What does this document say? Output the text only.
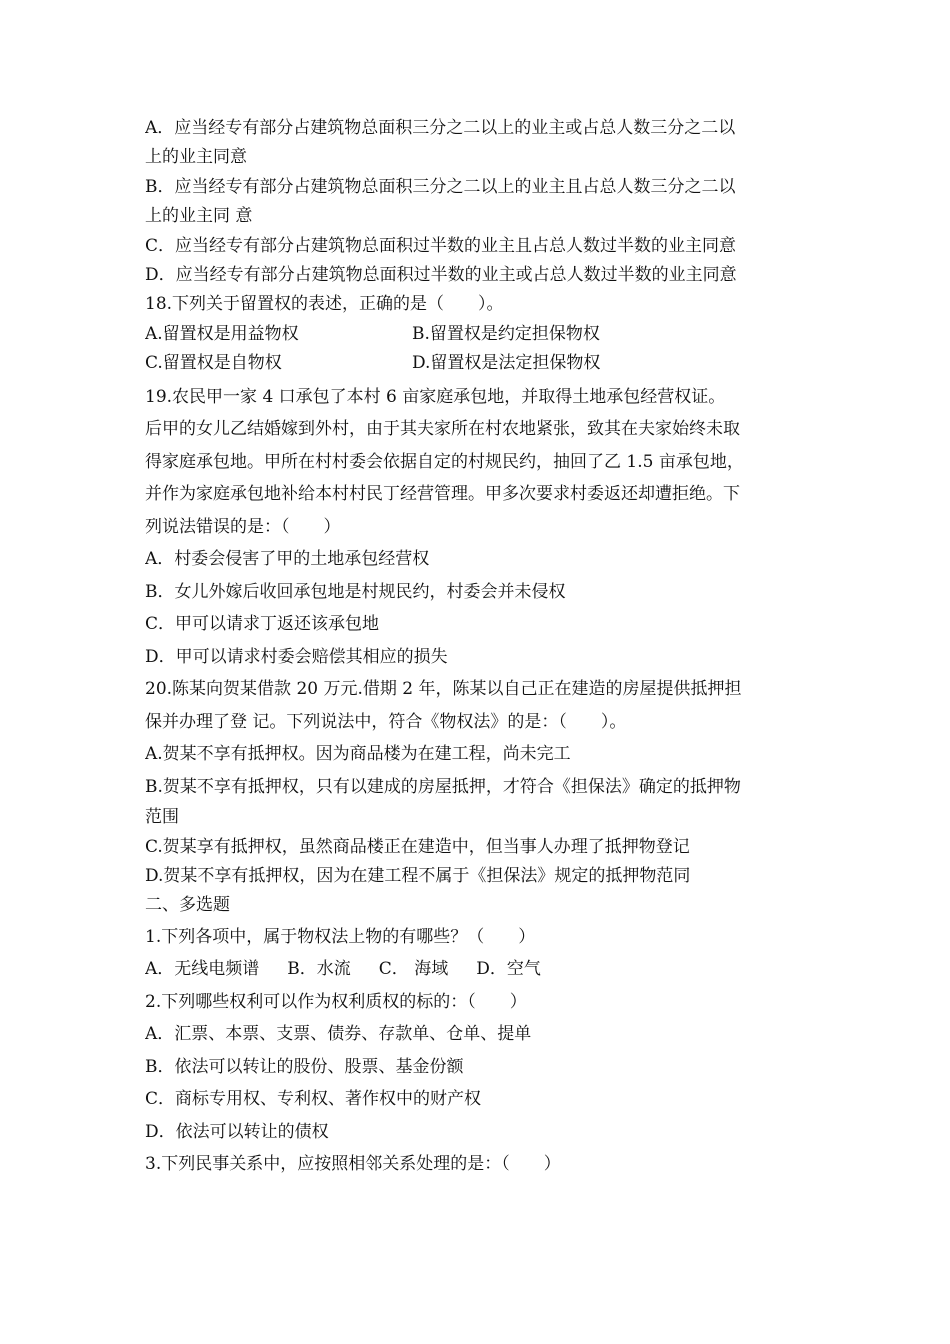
A．应当经专有部分占建筑物总面积三分之二以上的业主或占总人数三分之二以
上的业主同意
B．应当经专有部分占建筑物总面积三分之二以上的业主且占总人数三分之二以
上的业主同 意
C．应当经专有部分占建筑物总面积过半数的业主且占总人数过半数的业主同意
D．应当经专有部分占建筑物总面积过半数的业主或占总人数过半数的业主同意
18.下列关于留置权的表述，正确的是（　　）。
A.留置权是用益物权	B.留置权是约定担保物权
C.留置权是自物权	D.留置权是法定担保物权
19.农民甲一家 4 口承包了本村 6 亩家庭承包地，并取得土地承包经营权证。
后甲的女儿乙结婚嫁到外村，由于其夫家所在村农地紧张，致其在夫家始终未取
得家庭承包地。甲所在村村委会依据自定的村规民约，抽回了乙 1.5 亩承包地，
并作为家庭承包地补给本村村民丁经营管理。甲多次要求村委返还却遭拒绝。下
列说法错误的是：（　　）
A．村委会侵害了甲的土地承包经营权
B．女儿外嫁后收回承包地是村规民约，村委会并未侵权
C．甲可以请求丁返还该承包地
D．甲可以请求村委会赔偿其相应的损失
20.陈某向贺某借款 20 万元.借期 2 年，陈某以自己正在建造的房屋提供抵押担
保并办理了登 记。下列说法中，符合《物权法》的是：（　　）。
A.贺某不享有抵押权。因为商品楼为在建工程，尚未完工
B.贺某不享有抵押权，只有以建成的房屋抵押，才符合《担保法》确定的抵押物
范围
C.贺某享有抵押权，虽然商品楼正在建造中，但当事人办理了抵押物登记
D.贺某不享有抵押权，因为在建工程不属于《担保法》规定的抵押物范同
二、多选题
1.下列各项中，属于物权法上物的有哪些？（　　）
A．无线电频谱 B．水流 C． 海域 D．空气
2.下列哪些权利可以作为权利质权的标的：（　　）
A．汇票、本票、支票、债券、存款单、仓单、提单
B．依法可以转让的股份、股票、基金份额
C．商标专用权、专利权、著作权中的财产权
D．依法可以转让的债权
3.下列民事关系中，应按照相邻关系处理的是：（　　）
